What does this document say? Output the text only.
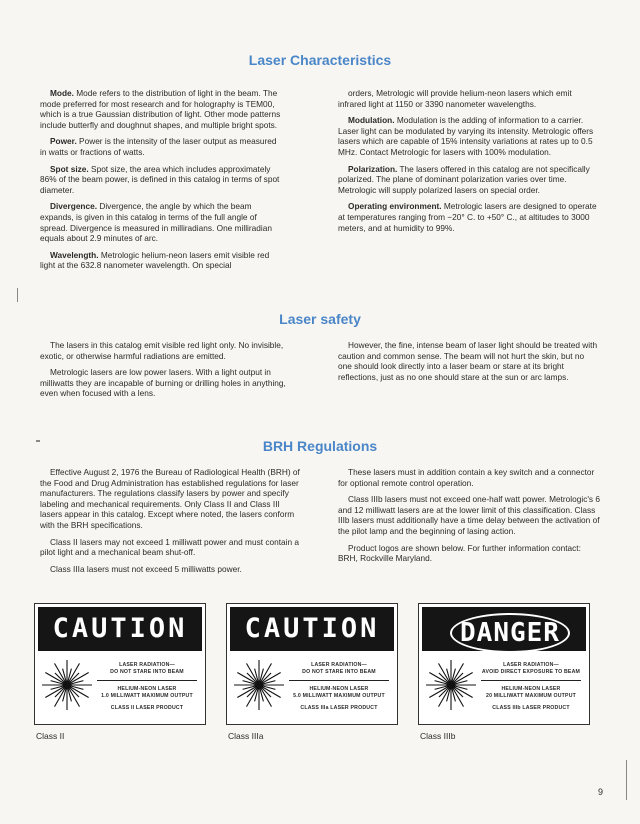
Laser Characteristics
Laser safety
BRH Regulations

Mode. Mode refers to the distribution of light in the beam. The mode preferred for most research and for holography is TEM00, which is a true Gaussian distribution of light. Other mode patterns include butterfly and doughnut shapes, and multiple bright spots.

Power. Power is the intensity of the laser output as measured in watts or fractions of watts.

Spot size. Spot size, the area which includes approximately 86% of the beam power, is defined in this catalog in terms of spot diameter.

Divergence. Divergence, the angle by which the beam expands, is given in this catalog in terms of the full angle of spread. Divergence is measured in milliradians. One milliradian equals about 2.9 minutes of arc.

Wavelength. Metrologic helium-neon lasers emit visible red light at the 632.8 nanometer wavelength. On special

orders, Metrologic will provide helium-neon lasers which emit infrared light at 1150 or 3390 nanometer wavelengths.

Modulation. Modulation is the adding of information to a carrier. Laser light can be modulated by varying its intensity. Metrologic offers lasers which are capable of 15% intensity variations at rates up to 0.5 MHz. Contact Metrologic for lasers with 100% modulation.

Polarization. The lasers offered in this catalog are not specifically polarized. The plane of dominant polarization varies over time. Metrologic will supply polarized lasers on special order.

Operating environment. Metrologic lasers are designed to operate at temperatures ranging from −20° C. to +50° C., at altitudes to 3000 meters, and at humidity to 99%.

The lasers in this catalog emit visible red light only. No invisible, exotic, or otherwise harmful radiations are emitted.

Metrologic lasers are low power lasers. With a light output in milliwatts they are incapable of burning or drilling holes in anything, even when focused with a lens.

However, the fine, intense beam of laser light should be treated with caution and common sense. The beam will not hurt the skin, but no one should look directly into a laser beam or stare at its bright reflections, just as no one should stare at the sun or arc lamps.

Effective August 2, 1976 the Bureau of Radiological Health (BRH) of the Food and Drug Administration has established regulations for laser manufacturers. The regulations classify lasers by power and specify labeling and mechanical requirements. Only Class II and Class III lasers appear in this catalog. Except where noted, the lasers conform with the BRH specifications.

Class II lasers may not exceed 1 milliwatt power and must contain a pilot light and a mechanical beam shut-off.

Class IIIa lasers must not exceed 5 milliwatts power.

These lasers must in addition contain a key switch and a connector for optional remote control operation.

Class IIIb lasers must not exceed one-half watt power. Metrologic's 6 and 12 milliwatt lasers are at the lower limit of this classification. Class IIIb lasers must additionally have a time delay between the activation of the pilot lamp and the beginning of lasing action.

Product logos are shown below. For further information contact: BRH, Rockville Maryland.

CAUTION
LASER RADIATION—
DO NOT STARE INTO BEAM
HELIUM-NEON LASER
1.0 MILLIWATT MAXIMUM OUTPUT
CLASS II LASER PRODUCT
Class II
CAUTION
LASER RADIATION—
DO NOT STARE INTO BEAM
HELIUM-NEON LASER
5.0 MILLIWATT MAXIMUM OUTPUT
CLASS IIIa LASER PRODUCT
Class IIIa
DANGER
LASER RADIATION—
AVOID DIRECT EXPOSURE TO BEAM
HELIUM-NEON LASER
20 MILLIWATT MAXIMUM OUTPUT
CLASS IIIb LASER PRODUCT
Class IIIb
9
